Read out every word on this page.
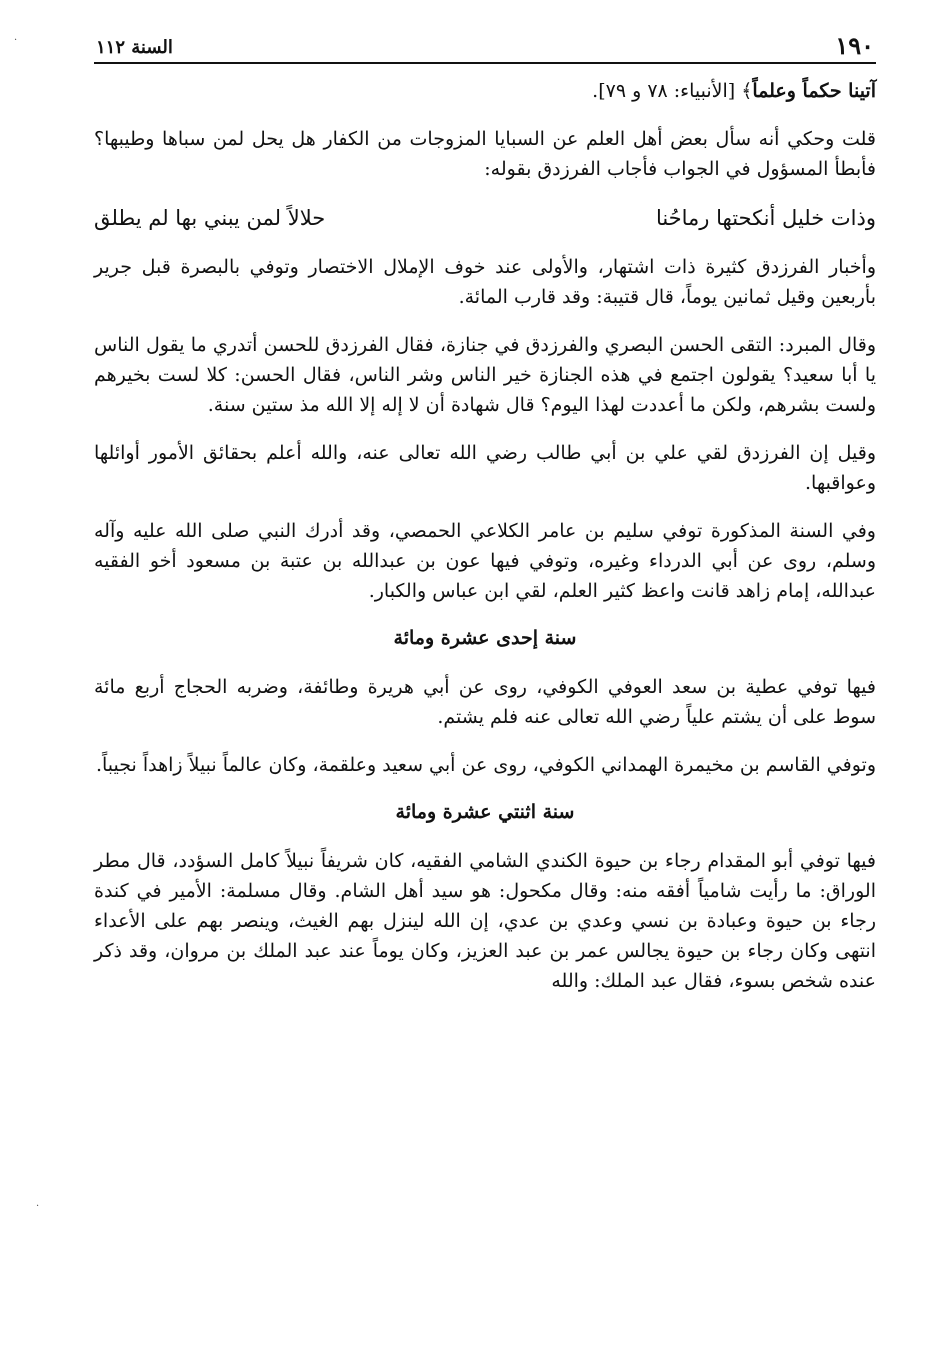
·
·
١٩٠
السنة ١١٢

آتينا حكماً وعلماً﴾ [الأنبياء: ٧٨ و ٧٩].

قلت وحكي أنه سأل بعض أهل العلم عن السبايا المزوجات من الكفار هل يحل لمن سباها وطيبها؟ فأبطأ المسؤول في الجواب فأجاب الفرزدق بقوله:

وذات خليل أنكحتها رماحُنا
حلالاً لمن يبني بها لم يطلق

وأخبار الفرزدق كثيرة ذات اشتهار، والأولى عند خوف الإملال الاختصار وتوفي بالبصرة قبل جرير بأربعين وقيل ثمانين يوماً، قال قتيبة: وقد قارب المائة.

وقال المبرد: التقى الحسن البصري والفرزدق في جنازة، فقال الفرزدق للحسن أتدري ما يقول الناس يا أبا سعيد؟ يقولون اجتمع في هذه الجنازة خير الناس وشر الناس، فقال الحسن: كلا لست بخيرهم ولست بشرهم، ولكن ما أعددت لهذا اليوم؟ قال شهادة أن لا إله إلا الله مذ ستين سنة.

وقيل إن الفرزدق لقي علي بن أبي طالب رضي الله تعالى عنه، والله أعلم بحقائق الأمور أوائلها وعواقبها.

وفي السنة المذكورة توفي سليم بن عامر الكلاعي الحمصي، وقد أدرك النبي صلى الله عليه وآله وسلم، روى عن أبي الدرداء وغيره، وتوفي فيها عون بن عبدالله بن عتبة بن مسعود أخو الفقيه عبدالله، إمام زاهد قانت واعظ كثير العلم، لقي ابن عباس والكبار.

سنة إحدى عشرة ومائة

فيها توفي عطية بن سعد العوفي الكوفي، روى عن أبي هريرة وطائفة، وضربه الحجاج أربع مائة سوط على أن يشتم علياً رضي الله تعالى عنه فلم يشتم.

وتوفي القاسم بن مخيمرة الهمداني الكوفي، روى عن أبي سعيد وعلقمة، وكان عالماً نبيلاً زاهداً نجيباً.

سنة اثنتي عشرة ومائة

فيها توفي أبو المقدام رجاء بن حيوة الكندي الشامي الفقيه، كان شريفاً نبيلاً كامل السؤدد، قال مطر الوراق: ما رأيت شامياً أفقه منه: وقال مكحول: هو سيد أهل الشام. وقال مسلمة: الأمير في كندة رجاء بن حيوة وعبادة بن نسي وعدي بن عدي، إن الله لينزل بهم الغيث، وينصر بهم على الأعداء انتهى وكان رجاء بن حيوة يجالس عمر بن عبد العزيز، وكان يوماً عند عبد الملك بن مروان، وقد ذكر عنده شخص بسوء، فقال عبد الملك: والله
